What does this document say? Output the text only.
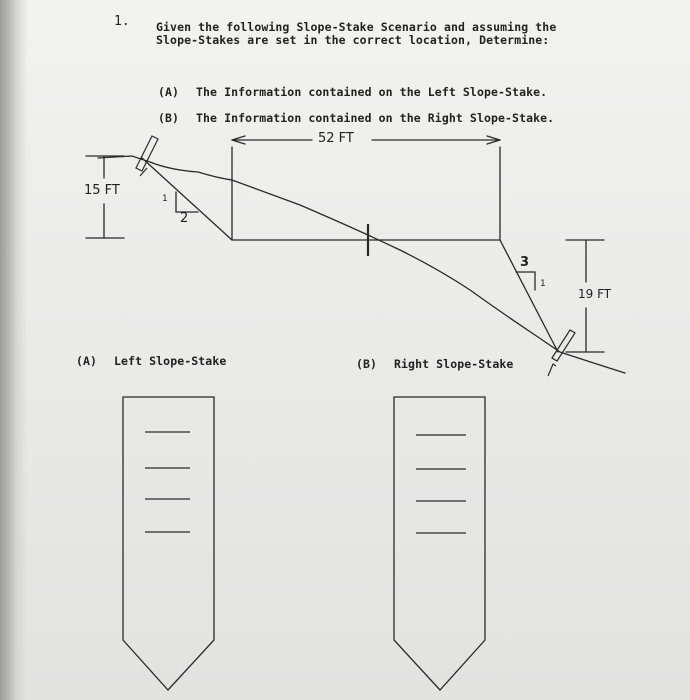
1. Given the following Slope-Stake Scenario and assuming the
Slope-Stakes are set in the correct location, Determine:
(A) The Information contained on the Left Slope-Stake.
(B) The Information contained on the Right Slope-Stake.
52 FT
15 FT
19 FT
1
2
3
1
(A) Left Slope-Stake	(B) Right Slope-Stake
